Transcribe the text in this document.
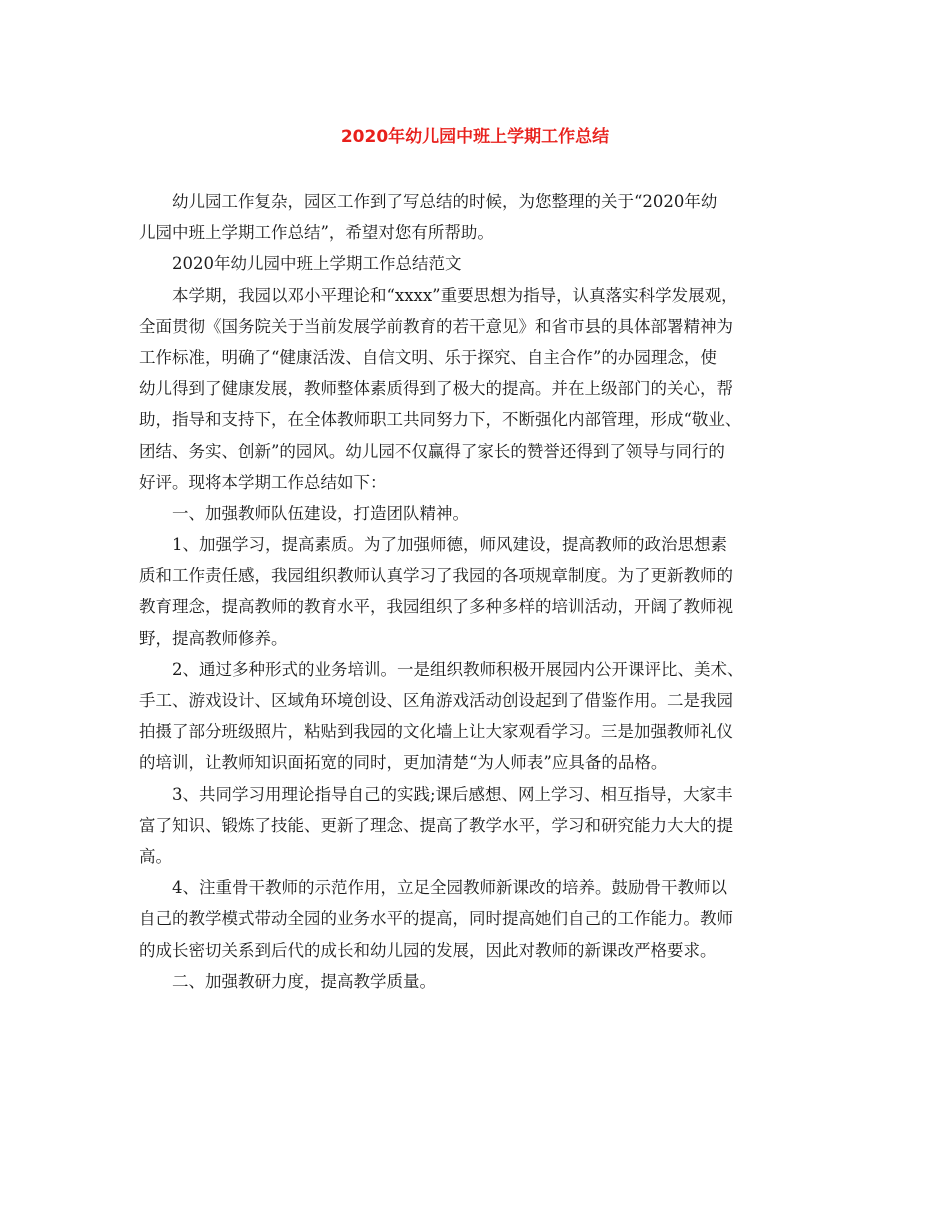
2020年幼儿园中班上学期工作总结
幼儿园工作复杂，园区工作到了写总结的时候，为您整理的关于“2020年幼
儿园中班上学期工作总结”，希望对您有所帮助。
2020年幼儿园中班上学期工作总结范文
本学期，我园以邓小平理论和“xxxx”重要思想为指导，认真落实科学发展观，
全面贯彻《国务院关于当前发展学前教育的若干意见》和省市县的具体部署精神为
工作标准，明确了“健康活泼、自信文明、乐于探究、自主合作”的办园理念，使
幼儿得到了健康发展，教师整体素质得到了极大的提高。并在上级部门的关心，帮
助，指导和支持下，在全体教师职工共同努力下，不断强化内部管理，形成“敬业、
团结、务实、创新”的园风。幼儿园不仅赢得了家长的赞誉还得到了领导与同行的
好评。现将本学期工作总结如下：
一、加强教师队伍建设，打造团队精神。
1、加强学习，提高素质。为了加强师德，师风建设，提高教师的政治思想素
质和工作责任感，我园组织教师认真学习了我园的各项规章制度。为了更新教师的
教育理念，提高教师的教育水平，我园组织了多种多样的培训活动，开阔了教师视
野，提高教师修养。
2、通过多种形式的业务培训。一是组织教师积极开展园内公开课评比、美术、
手工、游戏设计、区域角环境创设、区角游戏活动创设起到了借鉴作用。二是我园
拍摄了部分班级照片，粘贴到我园的文化墙上让大家观看学习。三是加强教师礼仪
的培训，让教师知识面拓宽的同时，更加清楚“为人师表”应具备的品格。
3、共同学习用理论指导自己的实践;课后感想、网上学习、相互指导，大家丰
富了知识、锻炼了技能、更新了理念、提高了教学水平，学习和研究能力大大的提
高。
4、注重骨干教师的示范作用，立足全园教师新课改的培养。鼓励骨干教师以
自己的教学模式带动全园的业务水平的提高，同时提高她们自己的工作能力。教师
的成长密切关系到后代的成长和幼儿园的发展，因此对教师的新课改严格要求。
二、加强教研力度，提高教学质量。
